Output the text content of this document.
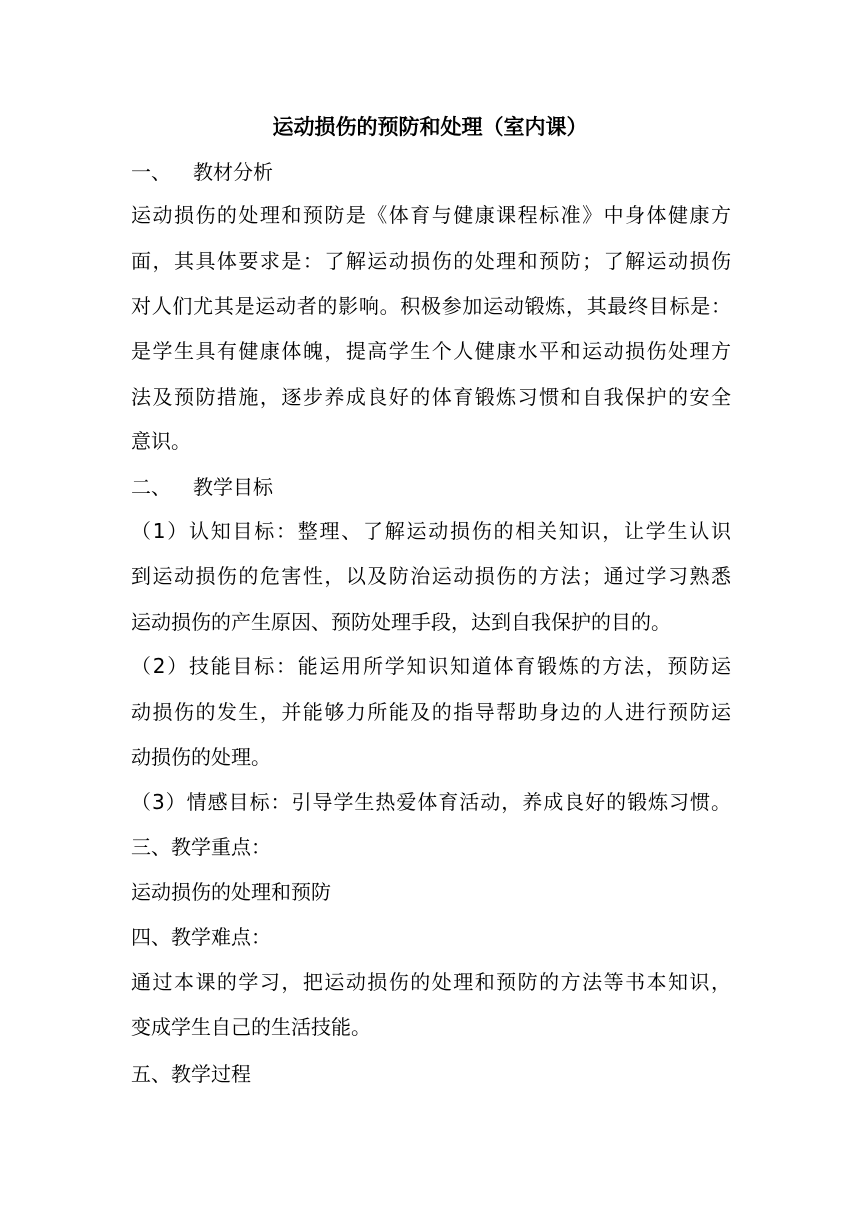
运动损伤的预防和处理（室内课）
一、 教材分析
运动损伤的处理和预防是《体育与健康课程标准》中身体健康方
面，其具体要求是：了解运动损伤的处理和预防；了解运动损伤
对人们尤其是运动者的影响。积极参加运动锻炼，其最终目标是：
是学生具有健康体魄，提高学生个人健康水平和运动损伤处理方
法及预防措施，逐步养成良好的体育锻炼习惯和自我保护的安全
意识。
二、 教学目标
（1）认知目标：整理、了解运动损伤的相关知识，让学生认识
到运动损伤的危害性，以及防治运动损伤的方法；通过学习熟悉
运动损伤的产生原因、预防处理手段，达到自我保护的目的。
（2）技能目标：能运用所学知识知道体育锻炼的方法，预防运
动损伤的发生，并能够力所能及的指导帮助身边的人进行预防运
动损伤的处理。
（3）情感目标：引导学生热爱体育活动，养成良好的锻炼习惯。
三、教学重点：
运动损伤的处理和预防
四、教学难点：
通过本课的学习，把运动损伤的处理和预防的方法等书本知识，
变成学生自己的生活技能。
五、教学过程
